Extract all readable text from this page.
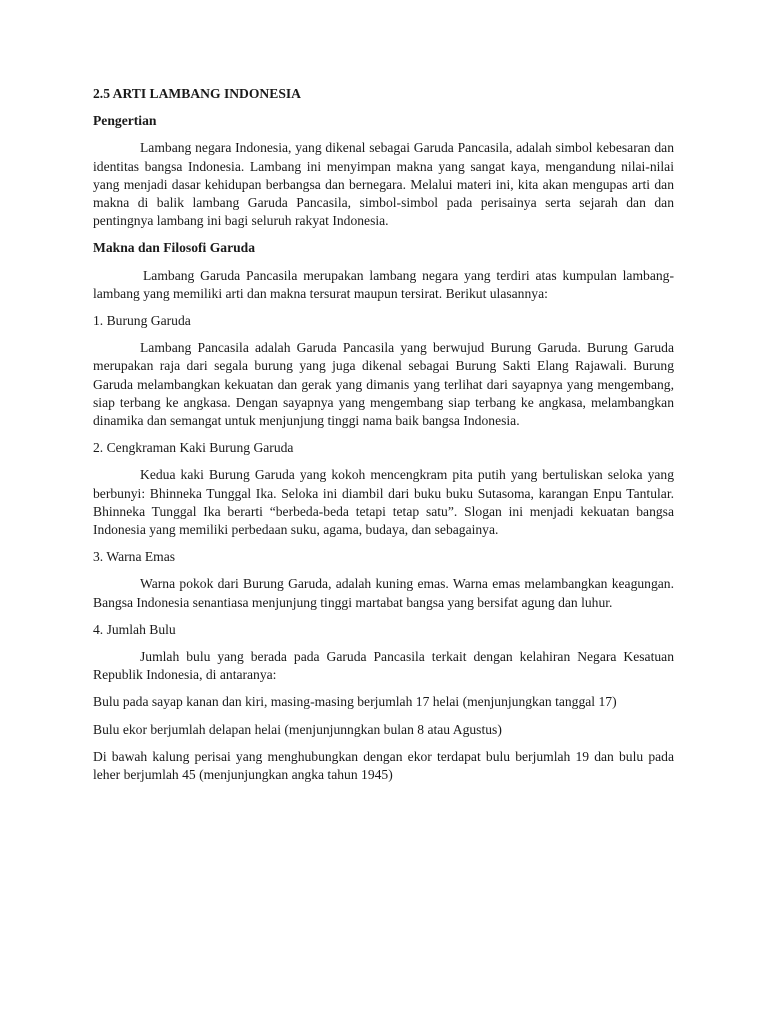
2.5 ARTI LAMBANG INDONESIA
Pengertian
Lambang negara Indonesia, yang dikenal sebagai Garuda Pancasila, adalah simbol kebesaran dan identitas bangsa Indonesia. Lambang ini menyimpan makna yang sangat kaya, mengandung nilai-nilai yang menjadi dasar kehidupan berbangsa dan bernegara. Melalui materi ini, kita akan mengupas arti dan makna di balik lambang Garuda Pancasila, simbol-simbol pada perisainya serta sejarah dan dan pentingnya lambang ini bagi seluruh rakyat Indonesia.
Makna dan Filosofi Garuda
Lambang Garuda Pancasila merupakan lambang negara yang terdiri atas kumpulan lambang-lambang yang memiliki arti dan makna tersurat maupun tersirat. Berikut ulasannya:
1. Burung Garuda
Lambang Pancasila adalah Garuda Pancasila yang berwujud Burung Garuda. Burung Garuda merupakan raja dari segala burung yang juga dikenal sebagai Burung Sakti Elang Rajawali. Burung Garuda melambangkan kekuatan dan gerak yang dimanis yang terlihat dari sayapnya yang mengembang, siap terbang ke angkasa. Dengan sayapnya yang mengembang siap terbang ke angkasa, melambangkan dinamika dan semangat untuk menjunjung tinggi nama baik bangsa Indonesia.
2. Cengkraman Kaki Burung Garuda
Kedua kaki Burung Garuda yang kokoh mencengkram pita putih yang bertuliskan seloka yang berbunyi: Bhinneka Tunggal Ika. Seloka ini diambil dari buku buku Sutasoma, karangan Enpu Tantular. Bhinneka Tunggal Ika berarti “berbeda-beda tetapi tetap satu”. Slogan ini menjadi kekuatan bangsa Indonesia yang memiliki perbedaan suku, agama, budaya, dan sebagainya.
3. Warna Emas
Warna pokok dari Burung Garuda, adalah kuning emas. Warna emas melambangkan keagungan. Bangsa Indonesia senantiasa menjunjung tinggi martabat bangsa yang bersifat agung dan luhur.
4. Jumlah Bulu
Jumlah bulu yang berada pada Garuda Pancasila terkait dengan kelahiran Negara Kesatuan Republik Indonesia, di antaranya:
Bulu pada sayap kanan dan kiri, masing-masing berjumlah 17 helai (menjunjungkan tanggal 17)
Bulu ekor berjumlah delapan helai (menjunjunngkan bulan 8 atau Agustus)
Di bawah kalung perisai yang menghubungkan dengan ekor terdapat bulu berjumlah 19 dan bulu pada leher berjumlah 45 (menjunjungkan angka tahun 1945)
